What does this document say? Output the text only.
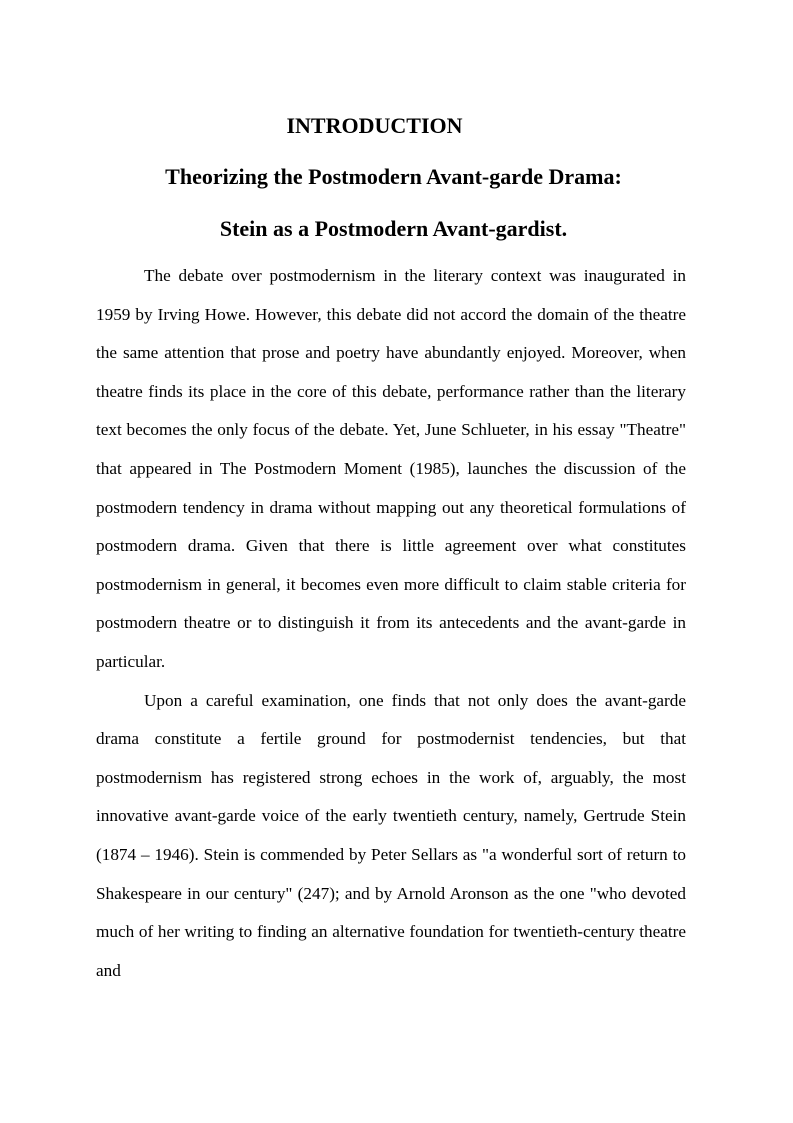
INTRODUCTION
Theorizing the Postmodern Avant-garde Drama:
Stein as a Postmodern Avant-gardist.

The debate over postmodernism in the literary context was inaugurated in 1959 by Irving Howe. However, this debate did not accord the domain of the theatre the same attention that prose and poetry have abundantly enjoyed. Moreover, when theatre finds its place in the core of this debate, performance rather than the literary text becomes the only focus of the debate. Yet, June Schlueter, in his essay "Theatre" that appeared in The Postmodern Moment (1985), launches the discussion of the postmodern tendency in drama without mapping out any theoretical formulations of postmodern drama. Given that there is little agreement over what constitutes postmodernism in general, it becomes even more difficult to claim stable criteria for postmodern theatre or to distinguish it from its antecedents and the avant-garde in particular.

Upon a careful examination, one finds that not only does the avant-garde drama constitute a fertile ground for postmodernist tendencies, but that postmodernism has registered strong echoes in the work of, arguably, the most innovative avant-garde voice of the early twentieth century, namely, Gertrude Stein (1874 – 1946). Stein is commended by Peter Sellars as "a wonderful sort of return to Shakespeare in our century" (247); and by Arnold Aronson as the one "who devoted much of her writing to finding an alternative foundation for twentieth-century theatre and
